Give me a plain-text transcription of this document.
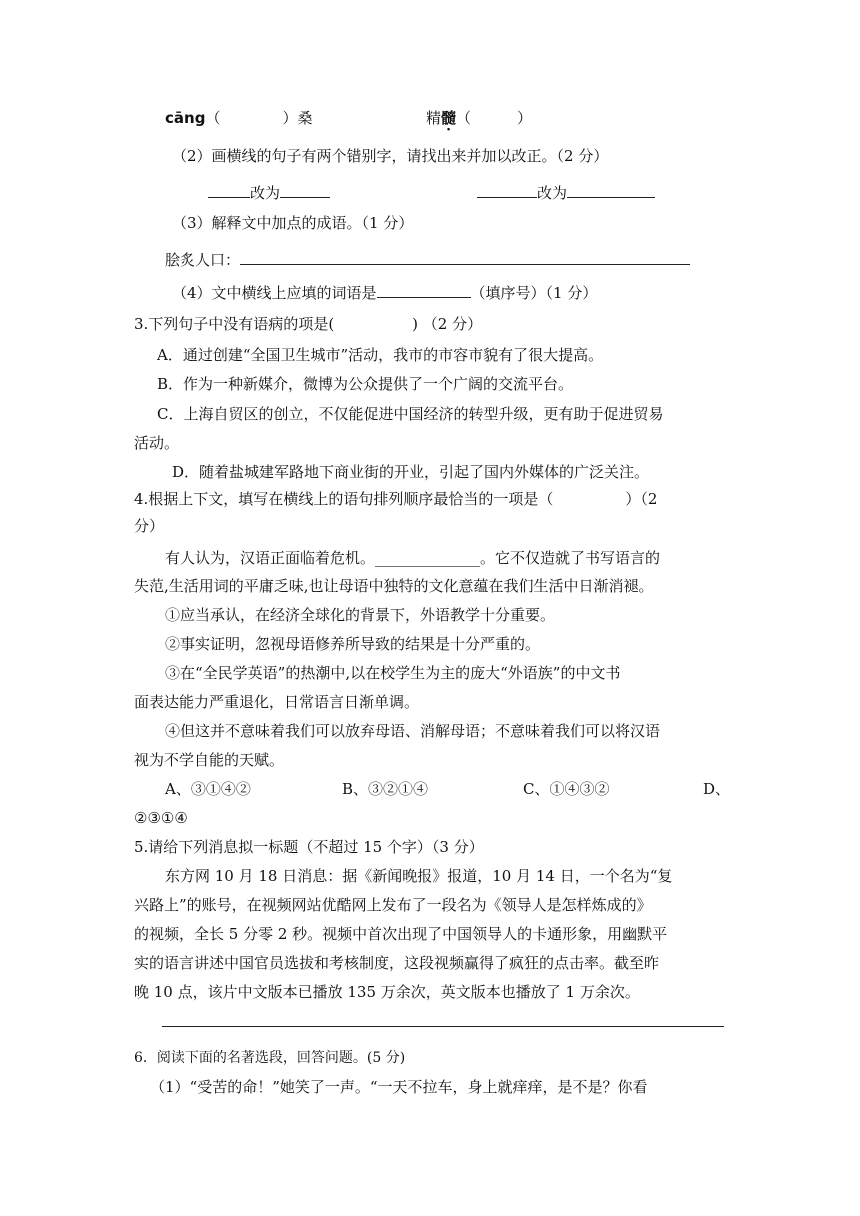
cāng（	）桑	精髓（	）
（2）画横线的句子有两个错别字，请找出来并加以改正。（2 分）
改为	改为
（3）解释文中加点的成语。（1 分）
脍炙人口：
（4）文中横线上应填的词语是	（填序号）（1 分）
3.下列句子中没有语病的项是(	) （2 分）
A．通过创建“全国卫生城市”活动，我市的市容市貌有了很大提高。
B．作为一种新媒介，微博为公众提供了一个广阔的交流平台。
C．上海自贸区的创立，不仅能促进中国经济的转型升级，更有助于促进贸易
活动。
D．随着盐城建军路地下商业街的开业，引起了国内外媒体的广泛关注。
4.根据上下文，填写在横线上的语句排列顺序最恰当的一项是（	）（2
分）
有人认为，汉语正面临着危机。______________。它不仅造就了书写语言的
失范,生活用词的平庸乏味,也让母语中独特的文化意蕴在我们生活中日渐消褪。
①应当承认，在经济全球化的背景下，外语教学十分重要。
②事实证明，忽视母语修养所导致的结果是十分严重的。
③在“全民学英语”的热潮中,以在校学生为主的庞大“外语族”的中文书
面表达能力严重退化，日常语言日渐单调。
④但这并不意味着我们可以放弃母语、消解母语；不意味着我们可以将汉语
视为不学自能的天赋。
A、③①④②	B、③②①④	C、①④③②	D、
②③①④
5.请给下列消息拟一标题（不超过 15 个字）（3 分）
东方网 10 月 18 日消息：据《新闻晚报》报道，10 月 14 日，一个名为“复
兴路上”的账号，在视频网站优酷网上发布了一段名为《领导人是怎样炼成的》
的视频，全长 5 分零 2 秒。视频中首次出现了中国领导人的卡通形象，用幽默平
实的语言讲述中国官员选拔和考核制度，这段视频赢得了疯狂的点击率。截至昨
晚 10 点，该片中文版本已播放 135 万余次，英文版本也播放了 1 万余次。
6．阅读下面的名著选段，回答问题。(5 分)
（1）“受苦的命！”她笑了一声。“一天不拉车，身上就痒痒，是不是？你看
